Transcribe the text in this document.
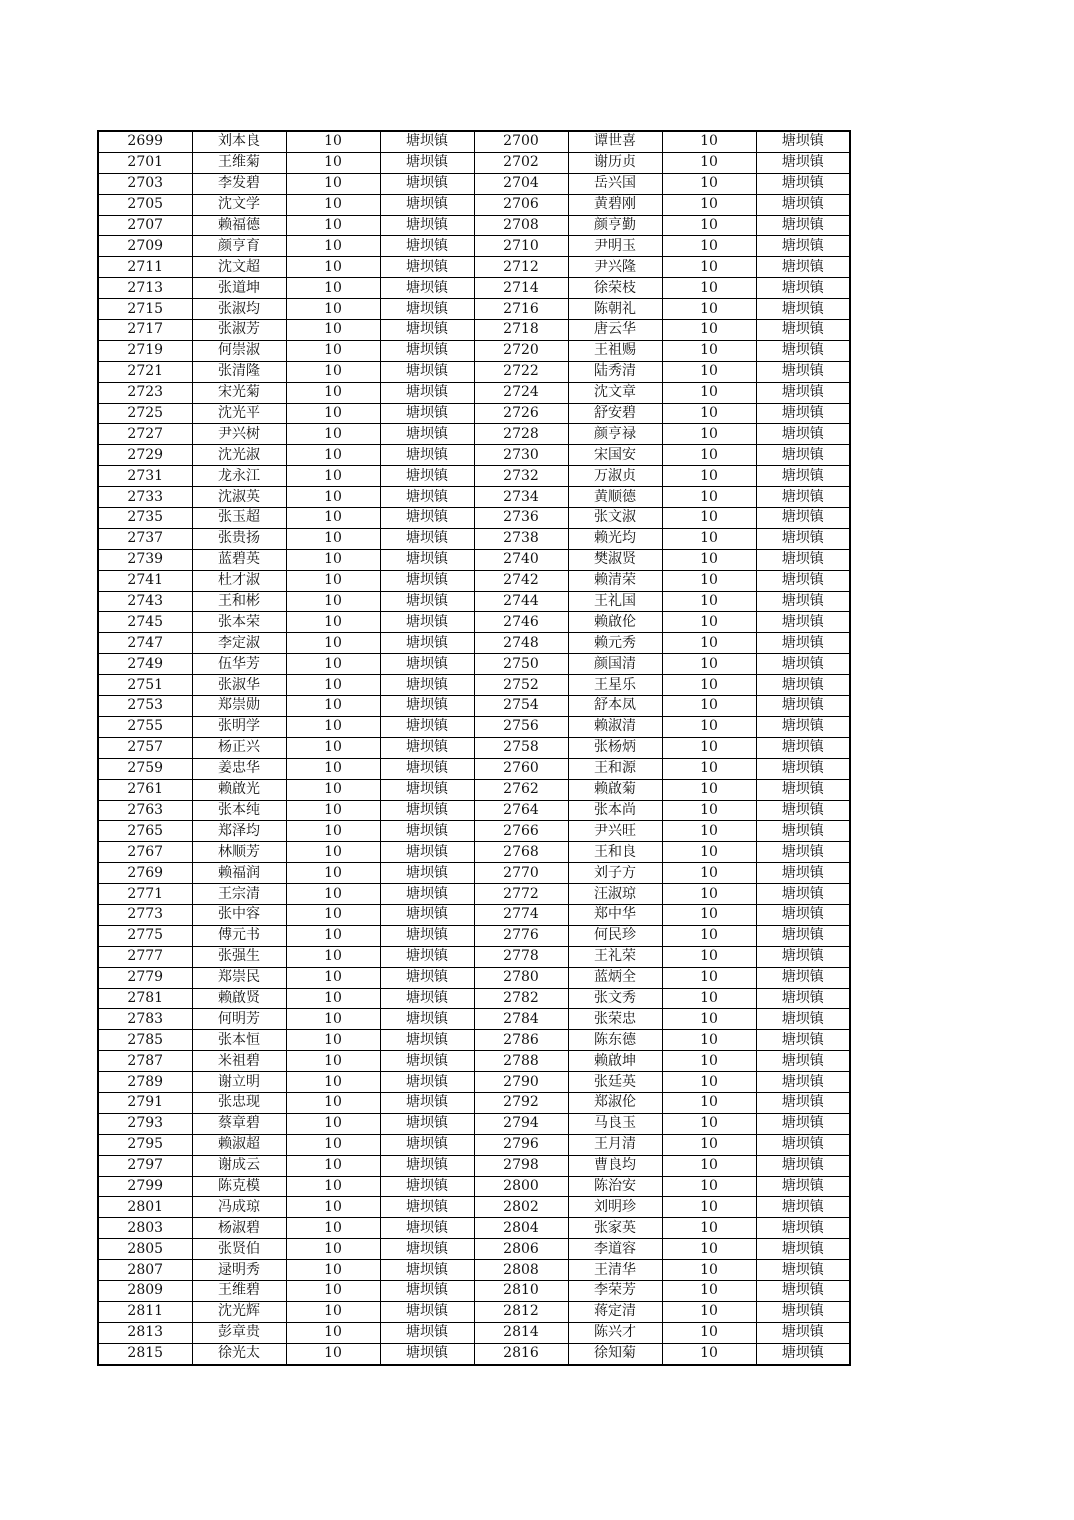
2699	刘本良	10	塘坝镇	2700	谭世喜	10	塘坝镇
2701	王维菊	10	塘坝镇	2702	谢历贞	10	塘坝镇
2703	李发碧	10	塘坝镇	2704	岳兴国	10	塘坝镇
2705	沈文学	10	塘坝镇	2706	黄碧刚	10	塘坝镇
2707	赖福德	10	塘坝镇	2708	颜亨勤	10	塘坝镇
2709	颜亨育	10	塘坝镇	2710	尹明玉	10	塘坝镇
2711	沈文超	10	塘坝镇	2712	尹兴隆	10	塘坝镇
2713	张道坤	10	塘坝镇	2714	徐荣枝	10	塘坝镇
2715	张淑均	10	塘坝镇	2716	陈朝礼	10	塘坝镇
2717	张淑芳	10	塘坝镇	2718	唐云华	10	塘坝镇
2719	何崇淑	10	塘坝镇	2720	王祖赐	10	塘坝镇
2721	张清隆	10	塘坝镇	2722	陆秀清	10	塘坝镇
2723	宋光菊	10	塘坝镇	2724	沈文章	10	塘坝镇
2725	沈光平	10	塘坝镇	2726	舒安碧	10	塘坝镇
2727	尹兴树	10	塘坝镇	2728	颜亨禄	10	塘坝镇
2729	沈光淑	10	塘坝镇	2730	宋国安	10	塘坝镇
2731	龙永江	10	塘坝镇	2732	万淑贞	10	塘坝镇
2733	沈淑英	10	塘坝镇	2734	黄顺德	10	塘坝镇
2735	张玉超	10	塘坝镇	2736	张文淑	10	塘坝镇
2737	张贵扬	10	塘坝镇	2738	赖光均	10	塘坝镇
2739	蓝碧英	10	塘坝镇	2740	樊淑贤	10	塘坝镇
2741	杜才淑	10	塘坝镇	2742	赖清荣	10	塘坝镇
2743	王和彬	10	塘坝镇	2744	王礼国	10	塘坝镇
2745	张本荣	10	塘坝镇	2746	赖啟伦	10	塘坝镇
2747	李定淑	10	塘坝镇	2748	赖元秀	10	塘坝镇
2749	伍华芳	10	塘坝镇	2750	颜国清	10	塘坝镇
2751	张淑华	10	塘坝镇	2752	王星乐	10	塘坝镇
2753	郑崇勋	10	塘坝镇	2754	舒本凤	10	塘坝镇
2755	张明学	10	塘坝镇	2756	赖淑清	10	塘坝镇
2757	杨正兴	10	塘坝镇	2758	张杨炳	10	塘坝镇
2759	姜忠华	10	塘坝镇	2760	王和源	10	塘坝镇
2761	赖啟光	10	塘坝镇	2762	赖啟菊	10	塘坝镇
2763	张本纯	10	塘坝镇	2764	张本尚	10	塘坝镇
2765	郑泽均	10	塘坝镇	2766	尹兴旺	10	塘坝镇
2767	林顺芳	10	塘坝镇	2768	王和良	10	塘坝镇
2769	赖福润	10	塘坝镇	2770	刘子方	10	塘坝镇
2771	王宗清	10	塘坝镇	2772	汪淑琼	10	塘坝镇
2773	张中容	10	塘坝镇	2774	郑中华	10	塘坝镇
2775	傅元书	10	塘坝镇	2776	何民珍	10	塘坝镇
2777	张强生	10	塘坝镇	2778	王礼荣	10	塘坝镇
2779	郑崇民	10	塘坝镇	2780	蓝炳全	10	塘坝镇
2781	赖啟贤	10	塘坝镇	2782	张文秀	10	塘坝镇
2783	何明芳	10	塘坝镇	2784	张荣忠	10	塘坝镇
2785	张本恒	10	塘坝镇	2786	陈东德	10	塘坝镇
2787	米祖碧	10	塘坝镇	2788	赖啟坤	10	塘坝镇
2789	谢立明	10	塘坝镇	2790	张廷英	10	塘坝镇
2791	张忠现	10	塘坝镇	2792	郑淑伦	10	塘坝镇
2793	蔡章碧	10	塘坝镇	2794	马良玉	10	塘坝镇
2795	赖淑超	10	塘坝镇	2796	王月清	10	塘坝镇
2797	谢成云	10	塘坝镇	2798	曹良均	10	塘坝镇
2799	陈克模	10	塘坝镇	2800	陈治安	10	塘坝镇
2801	冯成琼	10	塘坝镇	2802	刘明珍	10	塘坝镇
2803	杨淑碧	10	塘坝镇	2804	张家英	10	塘坝镇
2805	张贤伯	10	塘坝镇	2806	李道容	10	塘坝镇
2807	逯明秀	10	塘坝镇	2808	王清华	10	塘坝镇
2809	王维碧	10	塘坝镇	2810	李荣芳	10	塘坝镇
2811	沈光辉	10	塘坝镇	2812	蒋定清	10	塘坝镇
2813	彭章贵	10	塘坝镇	2814	陈兴才	10	塘坝镇
2815	徐光太	10	塘坝镇	2816	徐知菊	10	塘坝镇
